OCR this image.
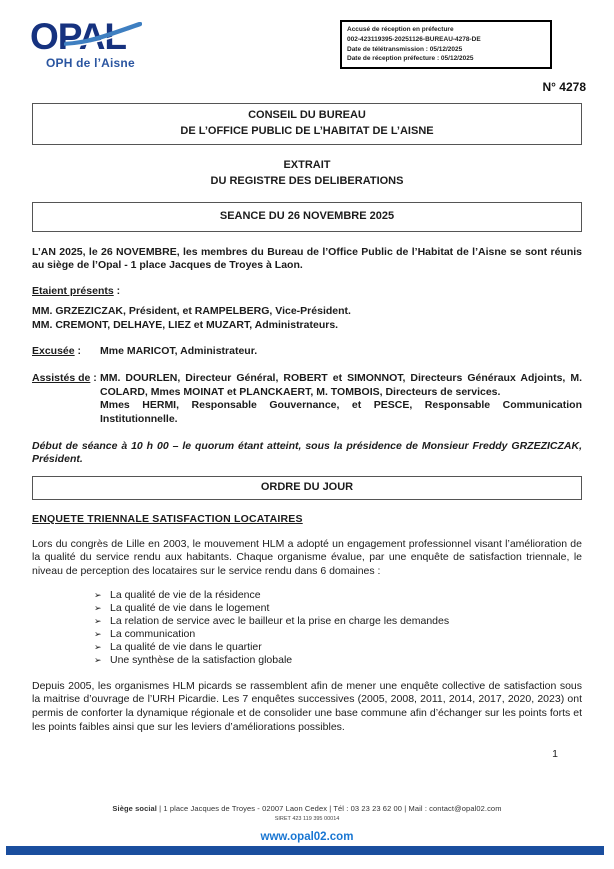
OPAL
OPH de l’Aisne
Accusé de réception en préfecture
002-423119395-20251126-BUREAU-4278-DE
Date de télétransmission : 05/12/2025
Date de réception préfecture : 05/12/2025
N° 4278
CONSEIL DU BUREAU
DE L’OFFICE PUBLIC DE L’HABITAT DE L’AISNE
EXTRAIT
DU REGISTRE DES DELIBERATIONS
SEANCE DU 26 NOVEMBRE 2025

L’AN 2025, le 26 NOVEMBRE, les membres du Bureau de l’Office Public de l’Habitat de l’Aisne se sont réunis au siège de l’Opal - 1 place Jacques de Troyes à Laon.

Etaient présents :
MM. GRZEZICZAK, Président, et RAMPELBERG, Vice-Président.
MM. CREMONT, DELHAYE, LIEZ et MUZART, Administrateurs.
Excusée :	Mme MARICOT, Administrateur.
Assistés de : MM. DOURLEN, Directeur Général, ROBERT et SIMONNOT, Directeurs Généraux Adjoints, M. COLARD, Mmes MOINAT et PLANCKAERT, M. TOMBOIS, Directeurs de services.

Mmes HERMI, Responsable Gouvernance, et PESCE, Responsable Communication Institutionnelle.

Début de séance à 10 h 00 – le quorum étant atteint, sous la présidence de Monsieur Freddy GRZEZICZAK, Président.

ORDRE DU JOUR
ENQUETE TRIENNALE SATISFACTION LOCATAIRES

Lors du congrès de Lille en 2003, le mouvement HLM a adopté un engagement professionnel visant l’amélioration de la qualité du service rendu aux habitants. Chaque organisme évalue, par une enquête de satisfaction triennale, le niveau de perception des locataires sur le service rendu dans 6 domaines :

➢ La qualité de vie de la résidence
➢ La qualité de vie dans le logement
➢ La relation de service avec le bailleur et la prise en charge les demandes
➢ La communication
➢ La qualité de vie dans le quartier
➢ Une synthèse de la satisfaction globale

Depuis 2005, les organismes HLM picards se rassemblent afin de mener une enquête collective de satisfaction sous la maitrise d’ouvrage de l’URH Picardie. Les 7 enquêtes successives (2005, 2008, 2011, 2014, 2017, 2020, 2023) ont permis de conforter la dynamique régionale et de consolider une base commune afin d’échanger sur les points forts et les points faibles ainsi que sur les leviers d’améliorations possibles.

1
Siège social | 1 place Jacques de Troyes - 02007 Laon Cedex | Tél : 03 23 23 62 00 | Mail : contact@opal02.com
SIRET 423 119 395 00014
www.opal02.com
